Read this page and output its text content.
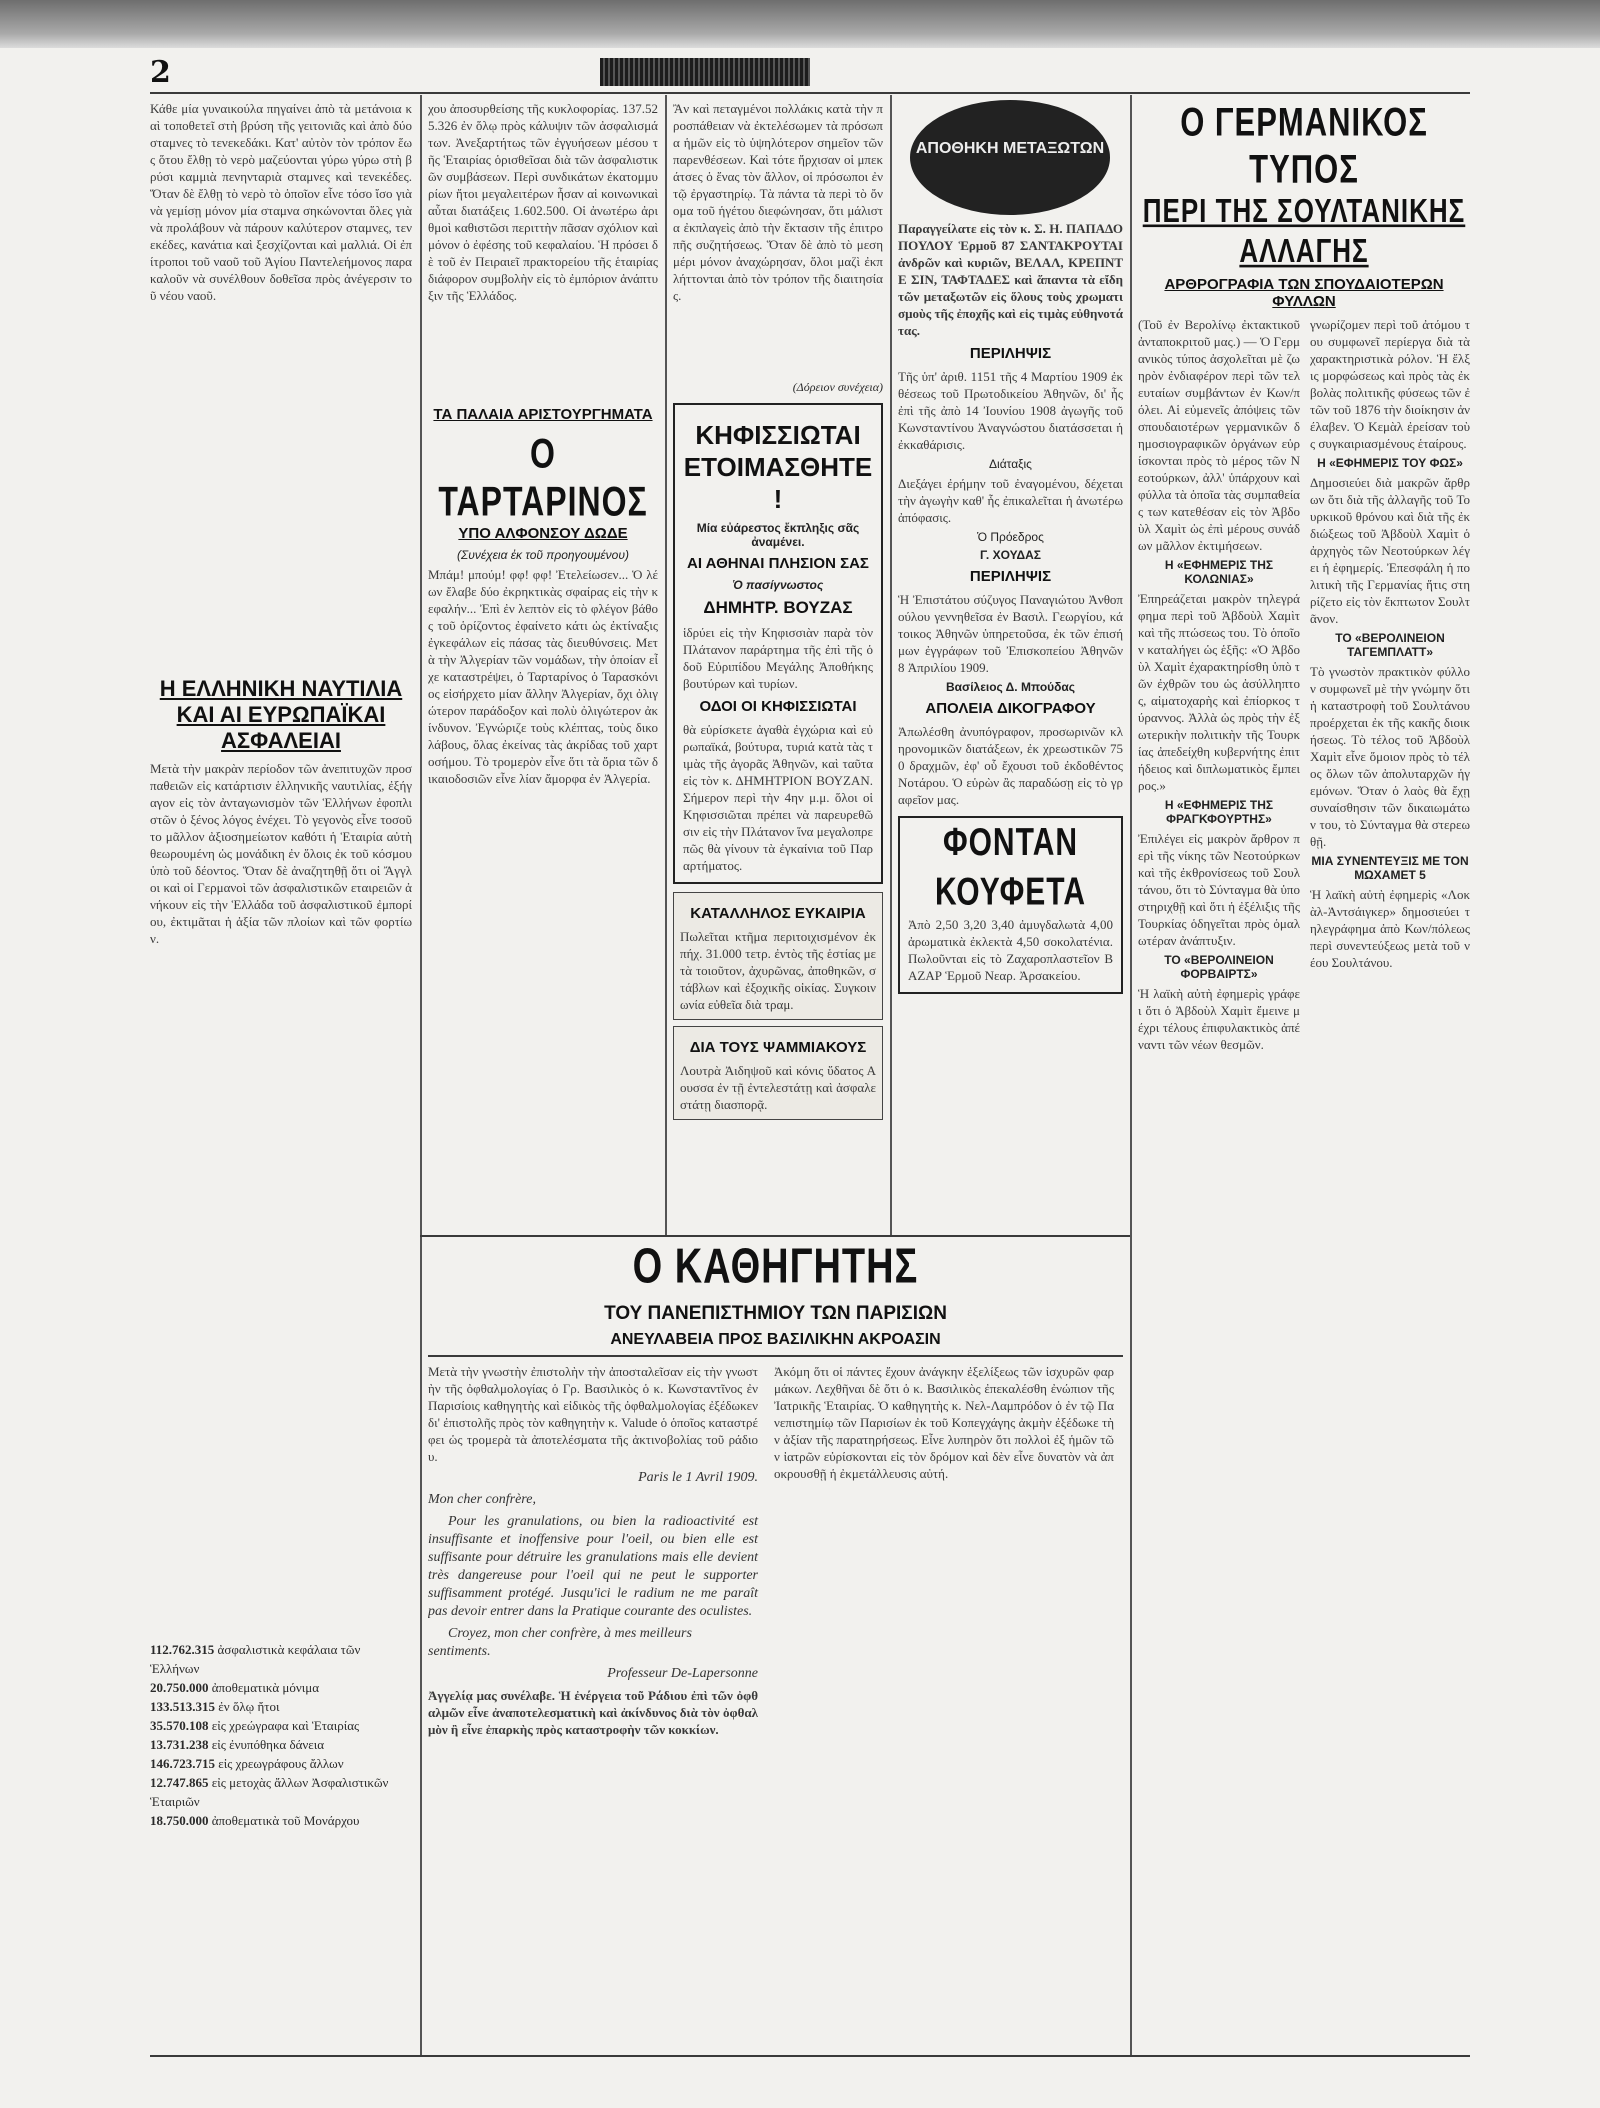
2

Κάθε μία γυναικούλα πηγαίνει ἀπὸ τὰ μετάνοια καὶ τοποθετεῖ στὴ βρύση τῆς γειτονιᾶς καὶ ἀπὸ δύο σταμνες τὸ τενεκεδάκι. Κατ' αὐτὸν τὸν τρόπον ἕως ὅτου ἔλθῃ τὸ νερὸ μαζεύονται γύρω γύρω στὴ βρύσι καμμιὰ πενηνταριὰ σταμνες καὶ τενεκέδες. Ὅταν δὲ ἔλθῃ τὸ νερὸ τὸ ὁποῖον εἶνε τόσο ἴσο γιὰ νὰ γεμίσῃ μόνον μία σταμνα σηκώνονται ὅλες γιὰ νὰ προλάβουν νὰ πάρουν καλύτερον σταμνες, τενεκέδες, κανάτια καὶ ξεσχίζονται καὶ μαλλιά. Οἱ ἐπίτροποι τοῦ ναοῦ τοῦ Ἁγίου Παντελεήμονος παρακαλοῦν νὰ συνέλθουν δοθεῖσα πρὸς ἀνέγερσιν τοῦ νέου ναοῦ.

Η ΕΛΛΗΝΙΚΗ ΝΑΥΤΙΛΙΑ ΚΑΙ ΑΙ ΕΥΡΩΠΑΪΚΑΙ ΑΣΦΑΛΕΙΑΙ

Μετὰ τὴν μακρὰν περίοδον τῶν ἀνεπιτυχῶν προσπαθειῶν εἰς κατάρτισιν ἑλληνικῆς ναυτιλίας, ἐξήγαγον εἰς τὸν ἀνταγωνισμὸν τῶν Ἑλλήνων ἐφοπλιστῶν ὁ ξένος λόγος ἐνέχει. Τὸ γεγονὸς εἶνε τοσοῦτο μᾶλλον ἀξιοσημείωτον καθότι ἡ Ἑταιρία αὐτὴ θεωρουμένη ὡς μονάδικη ἐν ὅλοις ἐκ τοῦ κόσμου ὑπὸ τοῦ δέοντος. Ὅταν δὲ ἀναζητηθῇ ὅτι οἱ Ἄγγλοι καὶ οἱ Γερμανοὶ τῶν ἀσφαλιστικῶν εταιρειῶν ἀνήκουν εἰς τὴν Ἑλλάδα τοῦ ἀσφαλιστικοῦ ἐμπορίου, ἐκτιμᾶται ἡ ἀξία τῶν πλοίων καὶ τῶν φορτίων.

112.762.315 ἀσφαλιστικὰ κεφάλαια τῶν Ἑλλήνων
20.750.000 ἀποθεματικὰ μόνιμα
133.513.315 ἐν ὅλῳ ἤτοι
35.570.108 εἰς χρεώγραφα καὶ Ἑταιρίας
13.731.238 εἰς ἐνυπόθηκα δάνεια
146.723.715 εἰς χρεωγράφους ἄλλων
12.747.865 εἰς μετοχὰς ἄλλων Ἀσφαλιστικῶν Ἑταιριῶν
18.750.000 ἀποθεματικὰ τοῦ Μονάρχου

χου ἀποσυρθείσης τῆς κυκλοφορίας. 137.525.326 ἐν ὅλῳ πρὸς κάλυψιν τῶν ἀσφαλισμάτων. Ἀνεξαρτήτως τῶν ἐγγυήσεων μέσου τῆς Ἑταιρίας ὁρισθεῖσαι διὰ τῶν ἀσφαλιστικῶν συμβάσεων. Περὶ συνδικάτων ἐκατομμυρίων ἤτοι μεγαλειτέρων ἦσαν αἱ κοινωνικαὶ αὗται διατάξεις 1.602.500. Οἱ ἀνωτέρω ἀριθμοὶ καθιστῶσι περιττὴν πᾶσαν σχόλιον καὶ μόνον ὁ ἐφέσης τοῦ κεφαλαίου. Ἡ πρόσει δὲ τοῦ ἐν Πειραιεῖ πρακτορείου τῆς ἑταιρίας διάφορον συμβολὴν εἰς τὸ ἐμπόριον ἀνάπτυξιν τῆς Ἑλλάδος.

ΤΑ ΠΑΛΑΙΑ ΑΡΙΣΤΟΥΡΓΗΜΑΤΑ
Ο ΤΑΡΤΑΡΙΝΟΣ
ΥΠΟ ΑΛΦΟΝΣΟΥ ΔΩΔΕ
(Συνέχεια ἐκ τοῦ προηγουμένου)

Μπάμ! μπούμ! φφ! φφ! Ἐτελείωσεν... Ὁ λέων ἔλαβε δύο ἐκρηκτικὰς σφαίρας εἰς τὴν κεφαλήν... Ἐπὶ ἐν λεπτὸν εἰς τὸ φλέγον βάθος τοῦ ὁρίζοντος ἐφαίνετο κάτι ὡς ἐκτίναξις ἐγκεφάλων εἰς πάσας τὰς διευθύνσεις. Μετὰ τὴν Ἀλγερίαν τῶν νομάδων, τὴν ὁποίαν εἶχε καταστρέψει, ὁ Ταρταρίνος ὁ Ταρασκόνιος εἰσήρχετο μίαν ἄλλην Ἀλγερίαν, ὅχι ὀλιγώτερον παράδοξον καὶ πολὺ ὀλιγώτερον ἀκίνδυνον. Ἐγνώριζε τοὺς κλέπτας, τοὺς δικολάβους, ὅλας ἐκείνας τὰς ἀκρίδας τοῦ χαρτοσήμου. Τὸ τρομερὸν εἶνε ὅτι τὰ ὄρια τῶν δικαιοδοσιῶν εἶνε λίαν ἄμορφα ἐν Ἀλγερία.

Ἂν καὶ πεταγμένοι πολλάκις κατὰ τὴν προσπάθειαν νὰ ἐκτελέσωμεν τὰ πρόσωπα ἡμῶν εἰς τὸ ὑψηλότερον σημεῖον τῶν παρενθέσεων. Καὶ τότε ἤρχισαν οἱ μπεκάτσες ὁ ἕνας τὸν ἄλλον, οἱ πρόσωποι ἐν τῷ ἐργαστηρίῳ. Τὰ πάντα τὰ περὶ τὸ ὄνομα τοῦ ἡγέτου διεφώνησαν, ὅτι μάλιστα ἐκπλαγεὶς ἀπὸ τὴν ἔκτασιν τῆς ἐπιτροπῆς συζητήσεως. Ὅταν δὲ ἀπὸ τὸ μεσημέρι μόνον ἀναχώρησαν, ὅλοι μαζὶ ἐκπλήττονται ἀπὸ τὸν τρόπον τῆς διαιτησίας.

(Δόρειον συνέχεια)
ΚΗΦΙΣΣΙΩΤΑΙ ΕΤΟΙΜΑΣΘΗΤΕ !
Μία εὐάρεστος ἔκπληξις σᾶς ἀναμένει.
ΑΙ ΑΘΗΝΑΙ ΠΛΗΣΙΟΝ ΣΑΣ
Ὁ πασίγνωστος
ΔΗΜΗΤΡ. ΒΟΥΖΑΣ

ἱδρύει εἰς τὴν Κηφισσιὰν παρὰ τὸν Πλάτανον παράρτημα τῆς ἐπὶ τῆς ὁδοῦ Εὐριπίδου Μεγάλης Ἀποθήκης βουτύρων καὶ τυρίων.

ΟΔΟΙ ΟΙ ΚΗΦΙΣΣΙΩΤΑΙ

θὰ εὑρίσκετε ἀγαθὰ ἐγχώρια καὶ εὐρωπαϊκά, βούτυρα, τυριά κατὰ τὰς τιμὰς τῆς ἀγορᾶς Ἀθηνῶν, καὶ ταῦτα εἰς τὸν κ. ΔΗΜΗΤΡΙΟΝ ΒΟΥΖΑΝ. Σήμερον περὶ τὴν 4ην μ.μ. ὅλοι οἱ Κηφισσιῶται πρέπει νὰ παρευρεθῶσιν εἰς τὴν Πλάτανον ἵνα μεγαλοπρεπῶς θὰ γίνουν τὰ ἐγκαίνια τοῦ Παραρτήματος.

ΚΑΤΑΛΛΗΛΟΣ ΕΥΚΑΙΡΙΑ

Πωλεῖται κτῆμα περιτοιχισμένον ἐκ πήχ. 31.000 τετρ. ἐντὸς τῆς ἑστίας μετὰ τοιοῦτον, ἀχυρῶνας, ἀποθηκῶν, στάβλων καὶ ἐξοχικῆς οἰκίας. Συγκοινωνία εὐθεῖα διὰ τραμ.

ΔΙΑ ΤΟΥΣ ΨΑΜΜΙΑΚΟΥΣ

Λουτρὰ Ἀιδηψοῦ καὶ κόνις ὕδατος Αουσσα ἐν τῇ ἐντελεστάτῃ καὶ ἀσφαλεστάτῃ διασπορᾷ.

ΑΠΟΘΗΚΗ ΜΕΤΑΞΩΤΩΝ

Παραγγείλατε εἰς τὸν κ. Σ. Η. ΠΑΠΑΔΟΠΟΥΛΟΥ Ἑρμοῦ 87 ΣΑΝΤΑΚΡΟΥΤΑΙ ἀνδρῶν καὶ κυριῶν, ΒΕΛΑΛ, ΚΡΕΠΝΤΕ ΣΙΝ, ΤΑΦΤΑΔΕΣ καὶ ἅπαντα τὰ εἴδη τῶν μεταξωτῶν εἰς ὅλους τοὺς χρωματισμοὺς τῆς ἐποχῆς καὶ εἰς τιμὰς εὐθηνοτάτας.

ΠΕΡΙΛΗΨΙΣ

Τῆς ὑπ' ἀριθ. 1151 τῆς 4 Μαρτίου 1909 ἐκθέσεως τοῦ Πρωτοδικείου Ἀθηνῶν, δι' ἧς ἐπὶ τῆς ἀπὸ 14 Ἰουνίου 1908 ἀγωγῆς τοῦ Κωνσταντίνου Ἀναγνώστου διατάσσεται ἡ ἐκκαθάρισις.

Διάταξις

Διεξάγει ἐρήμην τοῦ ἐναγομένου, δέχεται τὴν ἀγωγὴν καθ' ἧς ἐπικαλεῖται ἡ ἀνωτέρω ἀπόφασις.

Ὁ Πρόεδρος
Γ. ΧΟΥΔΑΣ
ΠΕΡΙΛΗΨΙΣ

Ἡ Ἐπιστάτου σύζυγος Παναγιώτου Ἀνθοπούλου γεννηθεῖσα ἐν Βασιλ. Γεωργίου, κάτοικος Ἀθηνῶν ὑπηρετοῦσα, ἐκ τῶν ἐπισήμων ἐγγράφων τοῦ Ἐπισκοπείου Ἀθηνῶν 8 Ἀπριλίου 1909.

Βασίλειος Δ. Μπούδας
ΑΠΟΛΕΙΑ ΔΙΚΟΓΡΑΦΟΥ

Ἀπωλέσθη ἀνυπόγραφον, προσωρινῶν κληρονομικῶν διατάξεων, ἐκ χρεωστικῶν 750 δραχμῶν, ἐφ' οὗ ἔχουσι τοῦ ἐκδοθέντος Νοτάρου. Ὁ εὑρὼν ἂς παραδώσῃ εἰς τὸ γραφεῖον μας.

ΦΟΝΤΑΝ ΚΟΥΦΕΤΑ

Ἀπὸ 2,50 3,20 3,40 ἀμυγδαλωτὰ 4,00 ἀρωματικὰ ἐκλεκτὰ 4,50 σοκολατένια. Πωλοῦνται εἰς τὸ Ζαχαροπλαστεῖον ΒΑΖΑΡ Ἑρμοῦ Νεαρ. Ἀρσακείου.

Ο ΚΑΘΗΓΗΤΗΣ
ΤΟΥ ΠΑΝΕΠΙΣΤΗΜΙΟΥ ΤΩΝ ΠΑΡΙΣΙΩΝ
ΑΝΕΥΛΑΒΕΙΑ ΠΡΟΣ ΒΑΣΙΛΙΚΗΝ ΑΚΡΟΑΣΙΝ

Μετὰ τὴν γνωστὴν ἐπιστολὴν τὴν ἀποσταλεῖσαν εἰς τὴν γνωστὴν τῆς ὀφθαλμολογίας ὁ Γρ. Βασιλικὸς ὁ κ. Κωνσταντῖνος ἐν Παρισίοις καθηγητὴς καὶ εἰδικὸς τῆς ὀφθαλμολογίας ἐξέδωκεν δι' ἐπιστολῆς πρὸς τὸν καθηγητὴν κ. Valude ὁ ὁποῖος καταστρέφει ὡς τρομερὰ τὰ ἀποτελέσματα τῆς ἀκτινοβολίας τοῦ ράδιου.

Paris le 1 Avril 1909.

Mon cher confrère,

Pour les granulations, ou bien la radioactivité est insuffisante et inoffensive pour l'oeil, ou bien elle est suffisante pour détruire les granulations mais elle devient très dangereuse pour l'oeil qui ne peut le supporter suffisamment protégé. Jusqu'ici le radium ne me paraît pas devoir entrer dans la Pratique courante des oculistes.

Croyez, mon cher confrère, à mes meilleurs sentiments.

Professeur De-Lapersonne

Ἀγγελίᾳ μας συνέλαβε. Ἡ ἐνέργεια τοῦ Ράδιου ἐπὶ τῶν ὀφθαλμῶν εἶνε ἀναποτελεσματικὴ καὶ ἀκίνδυνος διὰ τὸν ὀφθαλμὸν ἢ εἶνε ἐπαρκὴς πρὸς καταστροφὴν τῶν κοκκίων.

Ἀκόμη ὅτι οἱ πάντες ἔχουν ἀνάγκην ἐξελίξεως τῶν ἰσχυρῶν φαρμάκων. Λεχθῆναι δὲ ὅτι ὁ κ. Βασιλικὸς ἐπεκαλέσθη ἐνώπιον τῆς Ἰατρικῆς Ἑταιρίας. Ὁ καθηγητὴς κ. Νελ-Λαμπρόδον ὁ ἐν τῷ Πανεπιστημίῳ τῶν Παρισίων ἐκ τοῦ Κοπεγχάγης ἀκμὴν ἐξέδωκε τὴν ἀξίαν τῆς παρατηρήσεως. Εἶνε λυπηρὸν ὅτι πολλοὶ ἐξ ἡμῶν τῶν ἰατρῶν εὐρίσκονται εἰς τὸν δρόμον καὶ δὲν εἶνε δυνατὸν νὰ ἀποκρουσθῇ ἡ ἐκμετάλλευσις αὐτή.

Ο ΓΕΡΜΑΝΙΚΟΣ ΤΥΠΟΣ
ΠΕΡΙ ΤΗΣ ΣΟΥΛΤΑΝΙΚΗΣ ΑΛΛΑΓΗΣ
ΑΡΘΡΟΓΡΑΦΙΑ ΤΩΝ ΣΠΟΥΔΑΙΟΤΕΡΩΝ ΦΥΛΛΩΝ

(Τοῦ ἐν Βερολίνῳ ἐκτακτικοῦ ἀνταποκριτοῦ μας.) — Ὁ Γερμανικὸς τύπος ἀσχολεῖται μὲ ζωηρὸν ἐνδιαφέρον περὶ τῶν τελευταίων συμβάντων ἐν Κων/πόλει. Αἱ εὐμενεῖς ἀπόψεις τῶν σπουδαιοτέρων γερμανικῶν δημοσιογραφικῶν ὀργάνων εὑρίσκονται πρὸς τὸ μέρος τῶν Νεοτούρκων, ἀλλ' ὑπάρχουν καὶ φύλλα τὰ ὁποῖα τὰς συμπαθείας των κατεθέσαν εἰς τὸν Ἀβδοὺλ Χαμὶτ ὡς ἐπὶ μέρους συνάδων μᾶλλον ἐκτιμήσεων.

Η «ΕΦΗΜΕΡΙΣ ΤΗΣ ΚΟΛΩΝΙΑΣ»

Ἐπηρεάζεται μακρὸν τηλεγράφημα περὶ τοῦ Ἀβδοὺλ Χαμὶτ καὶ τῆς πτώσεως του. Τὸ ὁποῖον καταλήγει ὡς ἑξῆς: «Ὁ Ἀβδοὺλ Χαμὶτ ἐχαρακτηρίσθη ὑπὸ τῶν ἐχθρῶν του ὡς ἀσύλληπτος, αἱματοχαρὴς καὶ ἐπίορκος τύραννος. Ἀλλὰ ὡς πρὸς τὴν ἐξωτερικὴν πολιτικὴν τῆς Τουρκίας ἀπεδείχθη κυβερνήτης ἐπιτήδειος καὶ διπλωματικὸς ἔμπειρος.»

Η «ΕΦΗΜΕΡΙΣ ΤΗΣ ΦΡΑΓΚΦΟΥΡΤΗΣ»

Ἐπιλέγει εἰς μακρὸν ἄρθρον περὶ τῆς νίκης τῶν Νεοτούρκων καὶ τῆς ἐκθρονίσεως τοῦ Σουλτάνου, ὅτι τὸ Σύνταγμα θὰ ὑποστηριχθῇ καὶ ὅτι ἡ ἐξέλιξις τῆς Τουρκίας ὁδηγεῖται πρὸς ὁμαλωτέραν ἀνάπτυξιν.

ΤΟ «ΒΕΡΟΛΙΝΕΙΟΝ ΦΟΡΒΑΙΡΤΣ»

Ἡ λαϊκὴ αὐτὴ ἐφημερὶς γράφει ὅτι ὁ Ἀβδοὺλ Χαμὶτ ἔμεινε μέχρι τέλους ἐπιφυλακτικὸς ἀπέναντι τῶν νέων θεσμῶν.

γνωρίζομεν περὶ τοῦ ἀτόμου του συμφωνεῖ περίεργα διὰ τὰ χαρακτηριστικὰ ρόλον. Ἡ ἔλξις μορφώσεως καὶ πρὸς τὰς ἐκβολὰς πολιτικῆς φύσεως τῶν ἐτῶν τοῦ 1876 τὴν διοίκησιν ἀνέλαβεν. Ὁ Κεμὰλ ἐρείσαν τοὺς συγκαιριασμένους ἑταίρους.

Η «ΕΦΗΜΕΡΙΣ ΤΟΥ ΦΩΣ»

Δημοσιεύει διὰ μακρῶν ἄρθρων ὅτι διὰ τῆς ἀλλαγῆς τοῦ Τουρκικοῦ θρόνου καὶ διὰ τῆς ἐκδιώξεως τοῦ Ἀβδοὺλ Χαμὶτ ὁ ἀρχηγὸς τῶν Νεοτούρκων λέγει ἡ ἐφημερίς. Ἐπεσφάλη ἡ πολιτικὴ τῆς Γερμανίας ἥτις στηρίζετο εἰς τὸν ἔκπτωτον Σουλτᾶνον.

ΤΟ «ΒΕΡΟΛΙΝΕΙΟΝ ΤΑΓΕΜΠΛΑΤΤ»

Τὸ γνωστὸν πρακτικὸν φύλλον συμφωνεῖ μὲ τὴν γνώμην ὅτι ἡ καταστροφὴ τοῦ Σουλτάνου προέρχεται ἐκ τῆς κακῆς διοικήσεως. Τὸ τέλος τοῦ Ἀβδοὺλ Χαμὶτ εἶνε ὅμοιον πρὸς τὸ τέλος ὅλων τῶν ἀπολυταρχῶν ἡγεμόνων. Ὅταν ὁ λαὸς θὰ ἔχῃ συναίσθησιν τῶν δικαιωμάτων του, τὸ Σύνταγμα θὰ στερεωθῇ.

ΜΙΑ ΣΥΝΕΝΤΕΥΞΙΣ ΜΕ ΤΟΝ ΜΩΧΑΜΕΤ 5

Ἡ λαϊκὴ αὐτὴ ἐφημερὶς «Λοκὰλ-Ἀντσάιγκερ» δημοσιεύει τηλεγράφημα ἀπὸ Κων/πόλεως περὶ συνεντεύξεως μετὰ τοῦ νέου Σουλτάνου.
